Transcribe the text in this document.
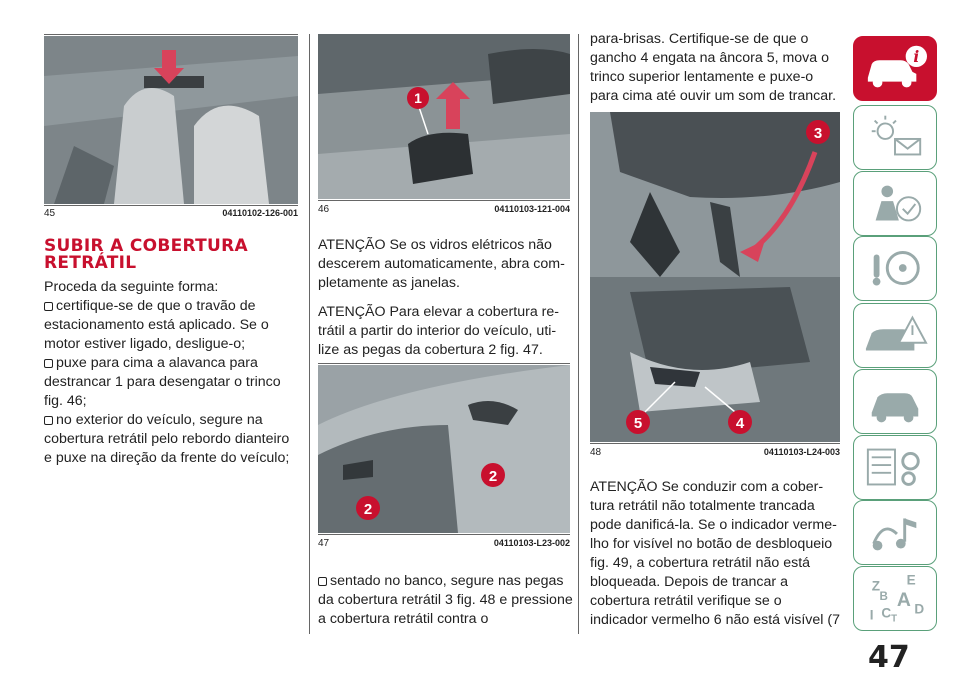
45	04110102-126-001
SUBIR A COBERTURA RETRÁTIL
Proceda da seguinte forma:
certifique-se de que o travão de estacionamento está aplicado. Se o motor estiver ligado, desligue-o;
puxe para cima a alavanca para destrancar 1 para desengatar o trinco fig. 46;
no exterior do veículo, segure na cobertura retrátil pelo rebordo dianteiro e puxe na direção da frente do veículo;
1
46	04110103-121-004

ATENÇÃO Se os vidros elétricos não descerem automaticamente, abra com-pletamente as janelas.

ATENÇÃO Para elevar a cobertura re-trátil a partir do interior do veículo, uti-lize as pegas da cobertura 2 fig. 47.

2
2
47	04110103-L23-002
sentado no banco, segure nas pegas da cobertura retrátil 3 fig. 48 e pressione a cobertura retrátil contra o

para-brisas. Certifique-se de que o gancho 4 engata na âncora 5, mova o trinco superior lentamente e puxe-o para cima até ouvir um som de trancar.

3
5	4
48	04110103-L24-003

ATENÇÃO Se conduzir com a cober-tura retrátil não totalmente trancada pode danificá-la. Se o indicador verme-lho for visível no botão de desbloqueio fig. 49, a cobertura retrátil não está bloqueada. Depois de trancar a cobertura retrátil verifique se o indicador vermelho 6 não está visível (7

i
Z E
B A
I C T
D
47
